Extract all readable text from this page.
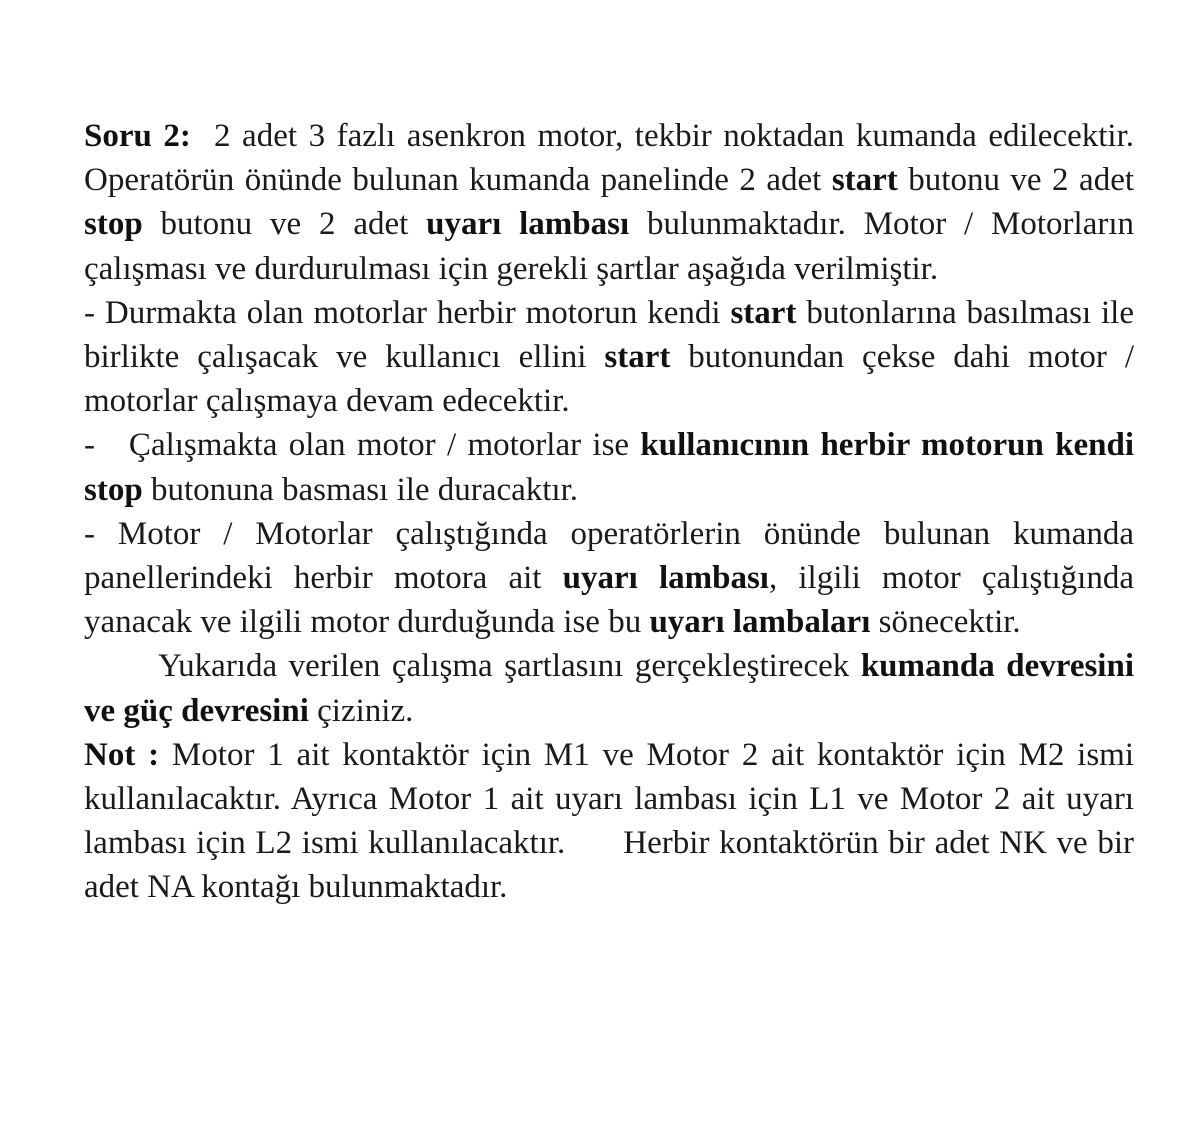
Soru 2:  2 adet 3 fazlı asenkron motor, tekbir noktadan kumanda edilecektir. Operatörün önünde bulunan kumanda panelinde 2 adet start butonu ve 2 adet stop butonu ve 2 adet uyarı lambası bulunmaktadır. Motor / Motorların çalışması ve durdurulması için gerekli şartlar aşağıda verilmiştir.

- Durmakta olan motorlar herbir motorun kendi start butonlarına basılması ile birlikte çalışacak ve kullanıcı ellini start butonundan çekse dahi motor / motorlar çalışmaya devam edecektir.

-   Çalışmakta olan motor / motorlar ise kullanıcının herbir motorun kendi stop butonuna basması ile duracaktır.

- Motor / Motorlar çalıştığında operatörlerin önünde bulunan kumanda panellerindeki herbir motora ait uyarı lambası, ilgili motor çalıştığında yanacak ve ilgili motor durduğunda ise bu uyarı lambaları sönecektir.

Yukarıda verilen çalışma şartlasını gerçekleştirecek kumanda devresini ve güç devresini çiziniz.

Not : Motor 1 ait kontaktör için M1 ve Motor 2 ait kontaktör için M2 ismi kullanılacaktır. Ayrıca Motor 1 ait uyarı lambası için L1 ve Motor 2 ait uyarı lambası için L2 ismi kullanılacaktır.      Herbir kontaktörün bir adet NK ve bir adet NA kontağı bulunmaktadır.
